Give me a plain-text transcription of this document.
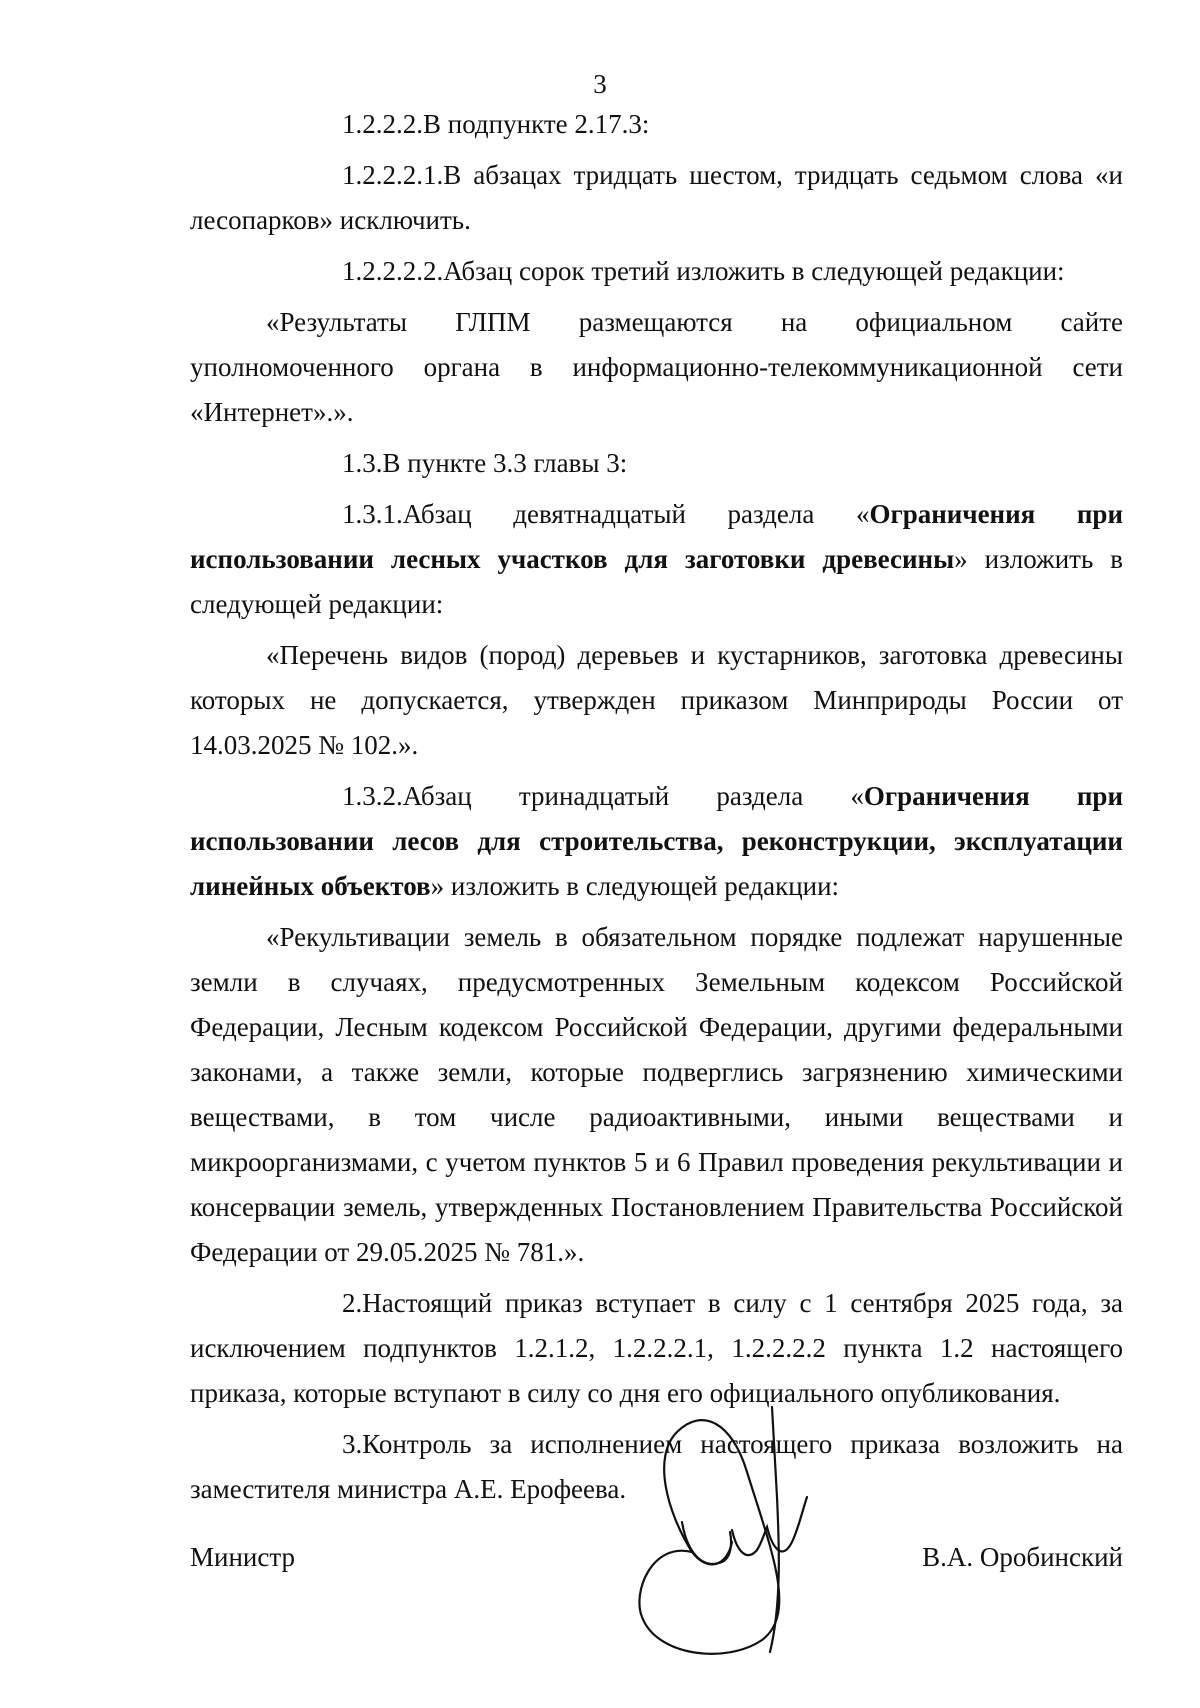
3

1.2.2.2.В подпункте 2.17.3:

1.2.2.2.1.В абзацах тридцать шестом, тридцать седьмом слова «и лесопарков» исключить.

1.2.2.2.2.Абзац сорок третий изложить в следующей редакции:

«Результаты ГЛПМ размещаются на официальном сайте уполномоченного органа в информационно-телекоммуникационной сети «Интернет».».

1.3.В пункте 3.3 главы 3:

1.3.1.Абзац девятнадцатый раздела «Ограничения при использовании лесных участков для заготовки древесины» изложить в следующей редакции:

«Перечень видов (пород) деревьев и кустарников, заготовка древесины которых не допускается, утвержден приказом Минприроды России от 14.03.2025 № 102.».

1.3.2.Абзац тринадцатый раздела «Ограничения при использовании лесов для строительства, реконструкции, эксплуатации линейных объектов» изложить в следующей редакции:

«Рекультивации земель в обязательном порядке подлежат нарушенные земли в случаях, предусмотренных Земельным кодексом Российской Федерации, Лесным кодексом Российской Федерации, другими федеральными законами, а также земли, которые подверглись загрязнению химическими веществами, в том числе радиоактивными, иными веществами и микроорганизмами, с учетом пунктов 5 и 6 Правил проведения рекультивации и консервации земель, утвержденных Постановлением Правительства Российской Федерации от 29.05.2025 № 781.».

2.Настоящий приказ вступает в силу с 1 сентября 2025 года, за исключением подпунктов 1.2.1.2, 1.2.2.2.1, 1.2.2.2.2 пункта 1.2 настоящего приказа, которые вступают в силу со дня его официального опубликования.

3.Контроль за исполнением настоящего приказа возложить на заместителя министра А.Е. Ерофеева.

Министр	В.А. Оробинский
